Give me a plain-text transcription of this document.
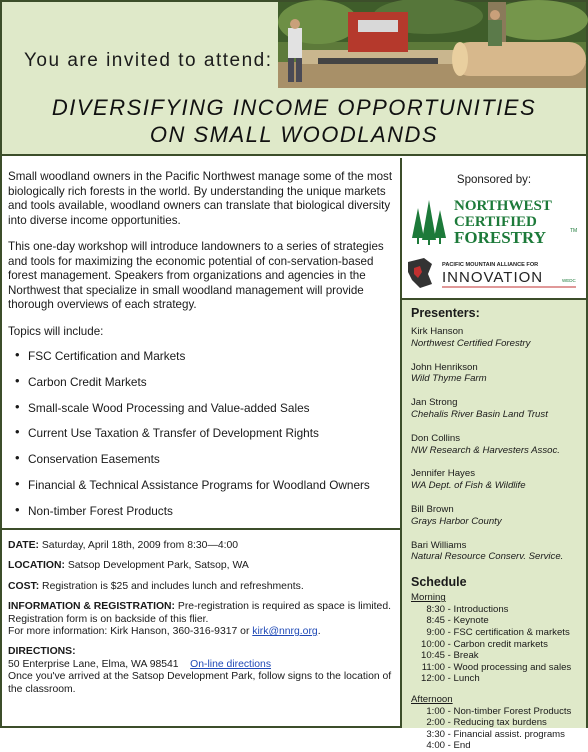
You are invited to attend:
DIVERSIFYING INCOME OPPORTUNITIES
ON SMALL WOODLANDS

Small woodland owners in the Pacific Northwest manage some of the most biologically rich forests in the world. By understanding the unique markets and tools available, woodland owners can translate that biological diversity into diverse income opportunities.

This one-day workshop will introduce landowners to a series of strategies and tools for maximizing the economic potential of con-servation-based forest management. Speakers from organizations and agencies in the Northwest that specialize in small woodland management will provide thorough overviews of each strategy.

Topics will include:
• FSC Certification and Markets
• Carbon Credit Markets
• Small-scale Wood Processing and Value-added Sales
• Current Use Taxation & Transfer of Development Rights
• Conservation Easements
• Financial & Technical Assistance Programs for Woodland Owners
• Non-timber Forest Products
DATE: Saturday, April 18th, 2009 from 8:30—4:00
LOCATION: Satsop Development Park, Satsop, WA
COST: Registration is $25 and includes lunch and refreshments.
INFORMATION & REGISTRATION: Pre-registration is required as space is limited. Registration form is on backside of this flier.
For more information: Kirk Hanson, 360-316-9317 or kirk@nnrg.org.
DIRECTIONS:
50 Enterprise Lane, Elma, WA 98541 On-line directions
Once you've arrived at the Satsop Development Park, follow signs to the location of the classroom.
Sponsored by:
NORTHWEST
CERTIFIED
FORESTRY	TM
PACIFIC MOUNTAIN ALLIANCE FOR
INNOVATION	WEDC
Presenters:
Kirk Hanson
Northwest Certified Forestry
John Henrikson
Wild Thyme Farm
Jan Strong
Chehalis River Basin Land Trust
Don Collins
NW Research & Harvesters Assoc.
Jennifer Hayes
WA Dept. of Fish & Wildlife
Bill Brown
Grays Harbor County
Bari Williams
Natural Resource Conserv. Service.
Schedule
Morning
8:30 - Introductions
8:45 - Keynote
9:00 - FSC certification & markets
10:00 - Carbon credit markets
10:45 - Break
11:00 - Wood processing and sales
12:00 - Lunch
Afternoon
1:00 - Non-timber Forest Products
2:00 - Reducing tax burdens
3:30 - Financial assist. programs
4:00 - End
